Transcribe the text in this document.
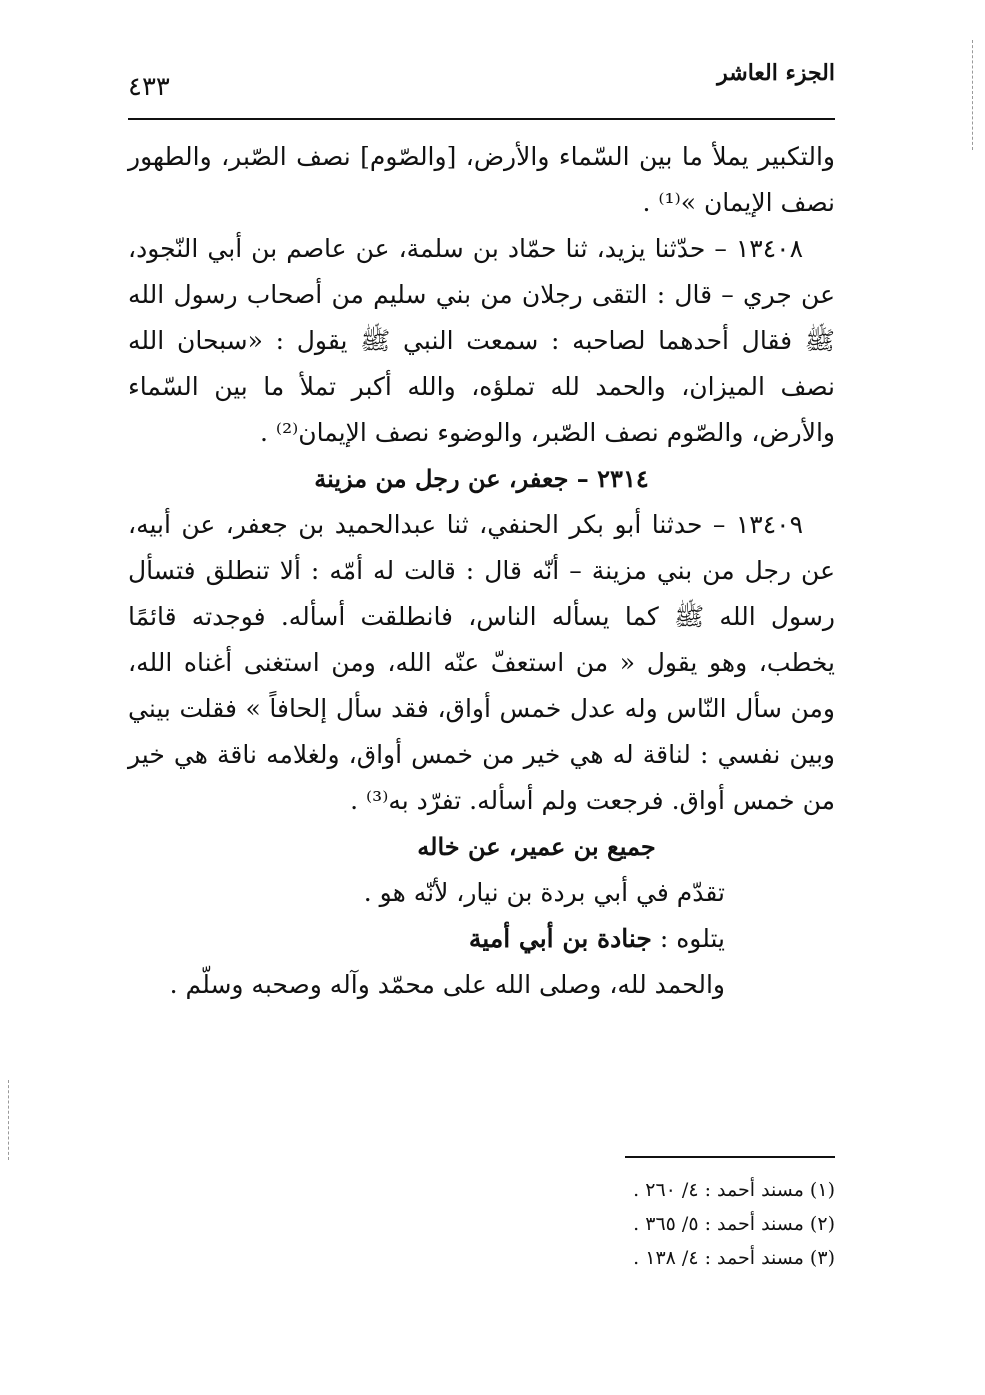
الجزء العاشر
٤٣٣

والتكبير يملأ ما بين السّماء والأرض، [والصّوم] نصف الصّبر، والطهور نصف الإيمان »⁽¹⁾ .

١٣٤٠٨ – حدّثنا يزيد، ثنا حمّاد بن سلمة، عن عاصم بن أبي النّجود، عن جري – قال : التقى رجلان من بني سليم من أصحاب رسول الله ﷺ فقال أحدهما لصاحبه : سمعت النبي ﷺ يقول : «سبحان الله نصف الميزان، والحمد لله تملؤه، والله أكبر تملأ ما بين السّماء والأرض، والصّوم نصف الصّبر، والوضوء نصف الإيمان⁽²⁾ .

٢٣١٤ – جعفر، عن رجل من مزينة

١٣٤٠٩ – حدثنا أبو بكر الحنفي، ثنا عبدالحميد بن جعفر، عن أبيه، عن رجل من بني مزينة – أنّه قال : قالت له أمّه : ألا تنطلق فتسأل رسول الله ﷺ كما يسأله الناس، فانطلقت أسأله. فوجدته قائمًا يخطب، وهو يقول « من استعفّ عنّه الله، ومن استغنى أغناه الله، ومن سأل النّاس وله عدل خمس أواق، فقد سأل إلحافاً » فقلت بيني وبين نفسي : لناقة له هي خير من خمس أواق، ولغلامه ناقة هي خير من خمس أواق. فرجعت ولم أسأله. تفرّد به⁽³⁾ .

جميع بن عمير، عن خاله

تقدّم في أبي بردة بن نيار، لأنّه هو .

يتلوه : جنادة بن أبي أمية

والحمد لله، وصلى الله على محمّد وآله وصحبه وسلّم .

(١) مسند أحمد : ٤/ ٢٦٠ .
(٢) مسند أحمد : ٥/ ٣٦٥ .
(٣) مسند أحمد : ٤/ ١٣٨ .
